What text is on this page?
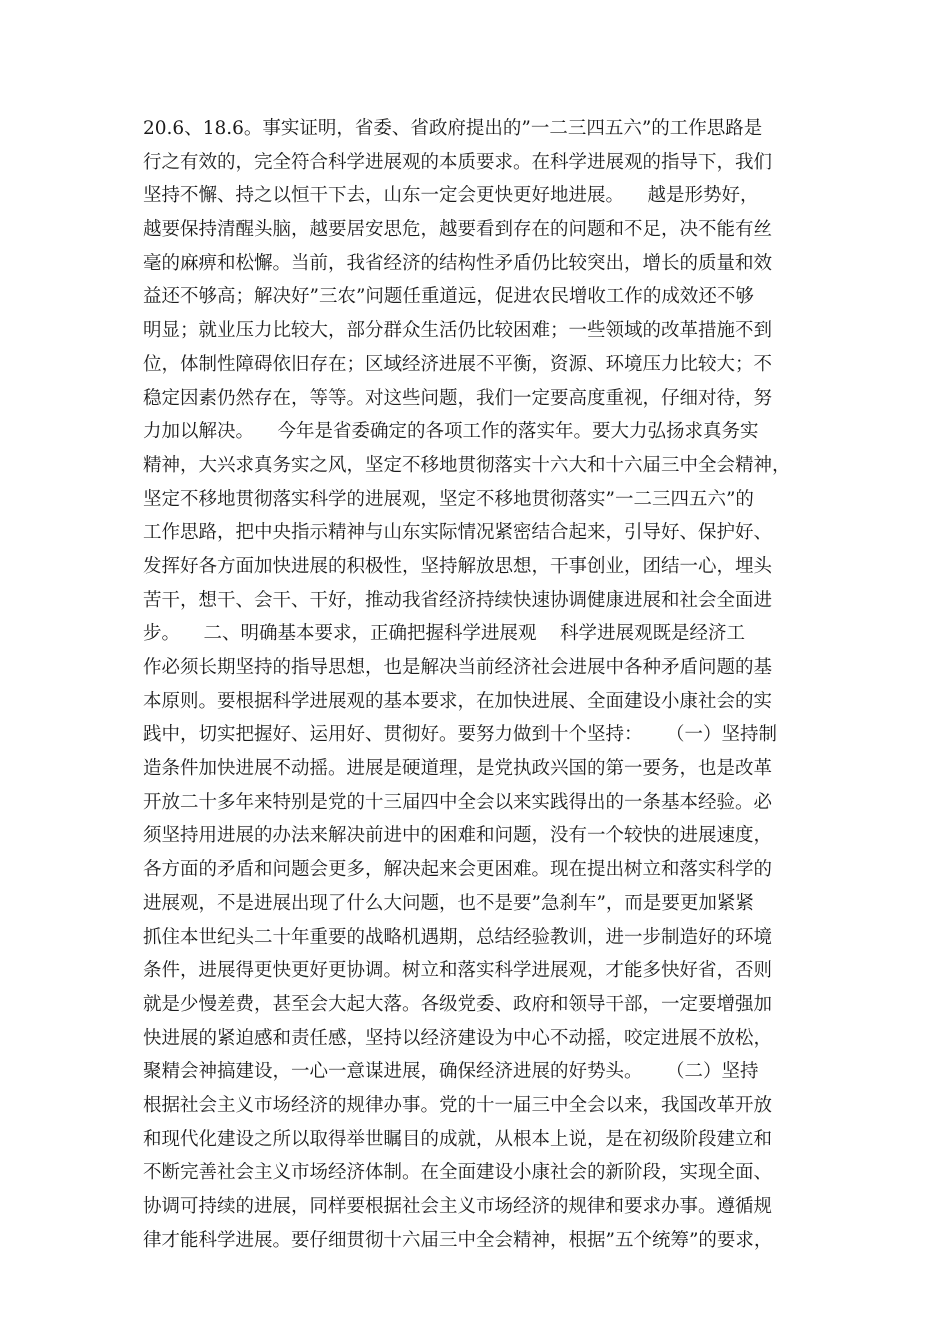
20.6、18.6。事实证明，省委、省政府提出的”一二三四五六”的工作思路是
行之有效的，完全符合科学进展观的本质要求。在科学进展观的指导下，我们
坚持不懈、持之以恒干下去，山东一定会更快更好地进展。    越是形势好，
越要保持清醒头脑，越要居安思危，越要看到存在的问题和不足，决不能有丝
毫的麻痹和松懈。当前，我省经济的结构性矛盾仍比较突出，增长的质量和效
益还不够高；解决好”三农”问题任重道远，促进农民增收工作的成效还不够
明显；就业压力比较大，部分群众生活仍比较困难；一些领域的改革措施不到
位，体制性障碍依旧存在；区域经济进展不平衡，资源、环境压力比较大；不
稳定因素仍然存在，等等。对这些问题，我们一定要高度重视，仔细对待，努
力加以解决。    今年是省委确定的各项工作的落实年。要大力弘扬求真务实
精神，大兴求真务实之风，坚定不移地贯彻落实十六大和十六届三中全会精神，
坚定不移地贯彻落实科学的进展观，坚定不移地贯彻落实”一二三四五六”的
工作思路，把中央指示精神与山东实际情况紧密结合起来，引导好、保护好、
发挥好各方面加快进展的积极性，坚持解放思想，干事创业，团结一心，埋头
苦干，想干、会干、干好，推动我省经济持续快速协调健康进展和社会全面进
步。    二、明确基本要求，正确把握科学进展观    科学进展观既是经济工
作必须长期坚持的指导思想，也是解决当前经济社会进展中各种矛盾问题的基
本原则。要根据科学进展观的基本要求，在加快进展、全面建设小康社会的实
践中，切实把握好、运用好、贯彻好。要努力做到十个坚持：    （一）坚持制
造条件加快进展不动摇。进展是硬道理，是党执政兴国的第一要务，也是改革
开放二十多年来特别是党的十三届四中全会以来实践得出的一条基本经验。必
须坚持用进展的办法来解决前进中的困难和问题，没有一个较快的进展速度，
各方面的矛盾和问题会更多，解决起来会更困难。现在提出树立和落实科学的
进展观，不是进展出现了什么大问题，也不是要”急刹车”，而是要更加紧紧
抓住本世纪头二十年重要的战略机遇期，总结经验教训，进一步制造好的环境
条件，进展得更快更好更协调。树立和落实科学进展观，才能多快好省，否则
就是少慢差费，甚至会大起大落。各级党委、政府和领导干部，一定要增强加
快进展的紧迫感和责任感，坚持以经济建设为中心不动摇，咬定进展不放松，
聚精会神搞建设，一心一意谋进展，确保经济进展的好势头。    （二）坚持
根据社会主义市场经济的规律办事。党的十一届三中全会以来，我国改革开放
和现代化建设之所以取得举世瞩目的成就，从根本上说，是在初级阶段建立和
不断完善社会主义市场经济体制。在全面建设小康社会的新阶段，实现全面、
协调可持续的进展，同样要根据社会主义市场经济的规律和要求办事。遵循规
律才能科学进展。要仔细贯彻十六届三中全会精神，根据”五个统筹”的要求，
